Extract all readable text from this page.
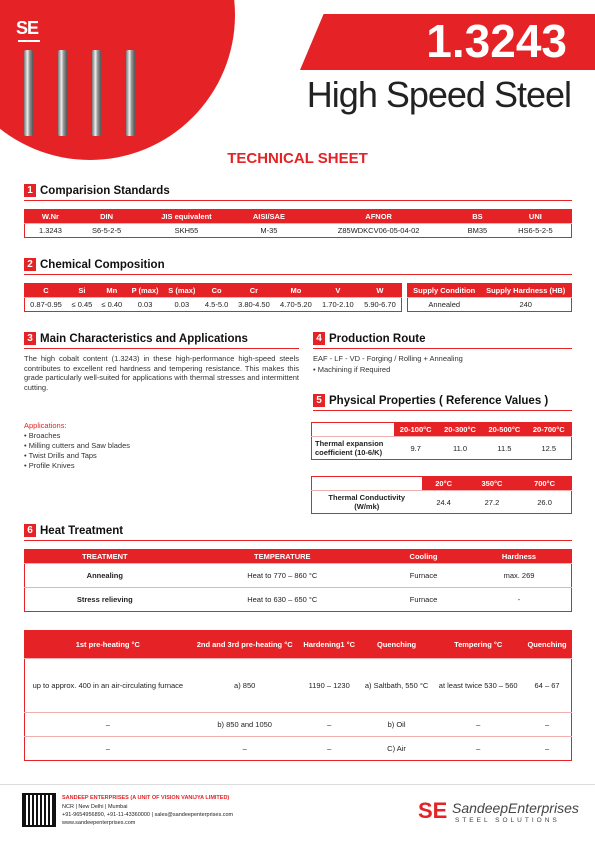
SE	1.3243
High Speed Steel
TECHNICAL SHEET
1 Comparision Standards
W.Nr	DIN	JIS equivalent	AISI/SAE	AFNOR	BS	UNI
1.3243	S6-5-2-5	SKH55	M-35	Z85WDKCV06-05-04-02	BM35	HS6-5-2-5
2 Chemical Composition
C	Si	Mn	P (max)	S (max)	Co	Cr	Mo	V	W
0.87-0.95	≤ 0.45	≤ 0.40	0.03	0.03	4.5-5.0	3.80-4.50	4.70-5.20	1.70-2.10	5.90-6.70
Supply Condition	Supply Hardness (HB)
Annealed	240
3 Main Characteristics and Applications
The high cobalt content (1.3243) in these high-performance high-speed steels contributes to excellent red hardness and tempering resistance. This makes this grade particularly well-suited for applications with thermal stresses and intermittent cutting.
Applications:
• Broaches
• Milling cutters and Saw blades
• Twist Drills and Taps
• Profile Knives
4 Production Route
EAF - LF - VD - Forging / Rolling + Annealing
• Machining if Required
5 Physical Properties ( Reference Values )
	20-100°C	20-300°C	20-500°C	20-700°C
Thermal expansion coefficient (10-6/K)	9.7	11.0	11.5	12.5
	20°C	350°C	700°C
Thermal Conductivity (W/mk)	24.4	27.2	26.0
6 Heat Treatment
TREATMENT	TEMPERATURE	Cooling	Hardness
Annealing	Heat to 770 – 860 °C	Furnace	max. 269
Stress relieving	Heat to 630 – 650 °C	Furnace	-
1st pre-heating °C	2nd and 3rd pre-heating °C	Hardening1 °C	Quenching	Tempering °C	Quenching
up to approx. 400 in an air-circulating furnace	a) 850	1190 – 1230	a) Saltbath, 550 °C	at least twice 530 – 560	64 – 67
–	b) 850 and 1050	–	b) Oil	–	–
–	–	–	C) Air	–	–
SANDEEP ENTERPRISES (A UNIT OF VISION VANIJYA LIMITED)
NCR | New Delhi | Mumbai
+91-9654956890, +91-11-43360000 | sales@sandeepenterprises.com
www.sandeepenterprises.com	SE SandeepEnterprises
STEEL SOLUTIONS
